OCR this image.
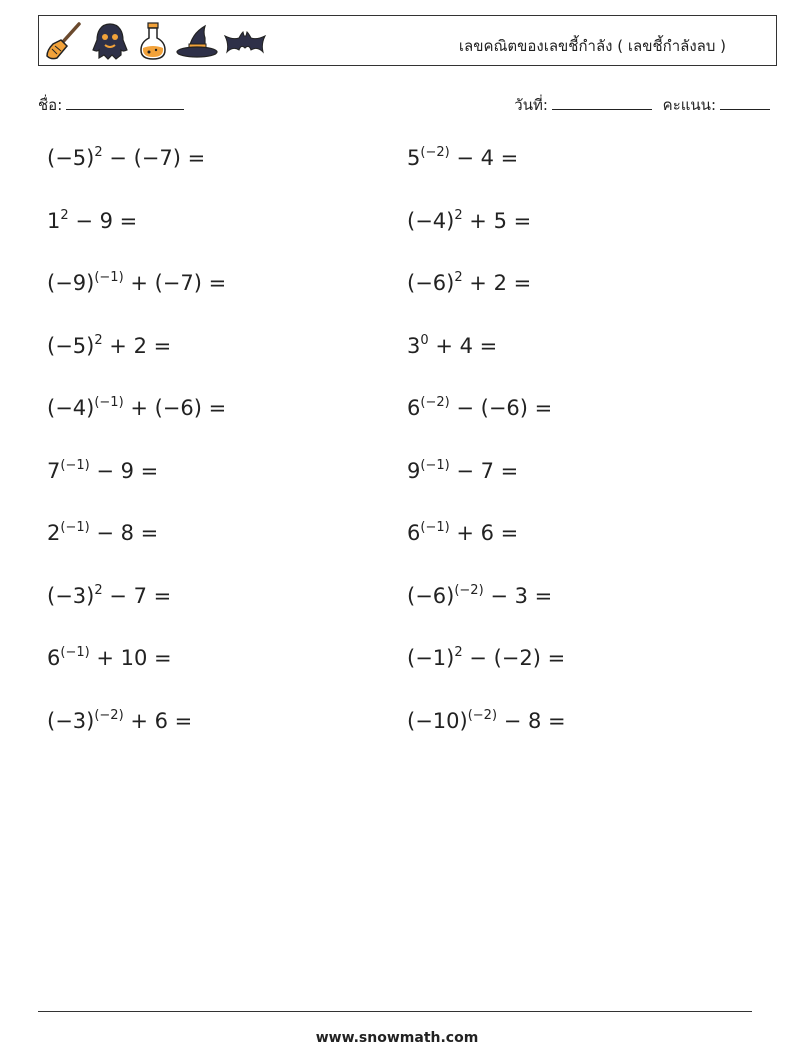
เลขคณิตของเลขชี้กำลัง ( เลขชี้กำลังลบ )
ชื่อ:	วันที่:	คะแนน:
$(-5)^2 - (-7)$ =	$5^{(-2)} - 4$ =
$1^2 - 9$ =	$(-4)^2 + 5$ =
$(-9)^{(-1)} + (-7)$ =	$(-6)^2 + 2$ =
$(-5)^2 + 2$ =	$3^0 + 4$ =
$(-4)^{(-1)} + (-6)$ =	$6^{(-2)} - (-6)$ =
$7^{(-1)} - 9$ =	$9^{(-1)} - 7$ =
$2^{(-1)} - 8$ =	$6^{(-1)} + 6$ =
$(-3)^2 - 7$ =	$(-6)^{(-2)} - 3$ =
$6^{(-1)} + 10$ =	$(-1)^2 - (-2)$ =
$(-3)^{(-2)} + 6$ =	$(-10)^{(-2)} - 8$ =
www.snowmath.com
